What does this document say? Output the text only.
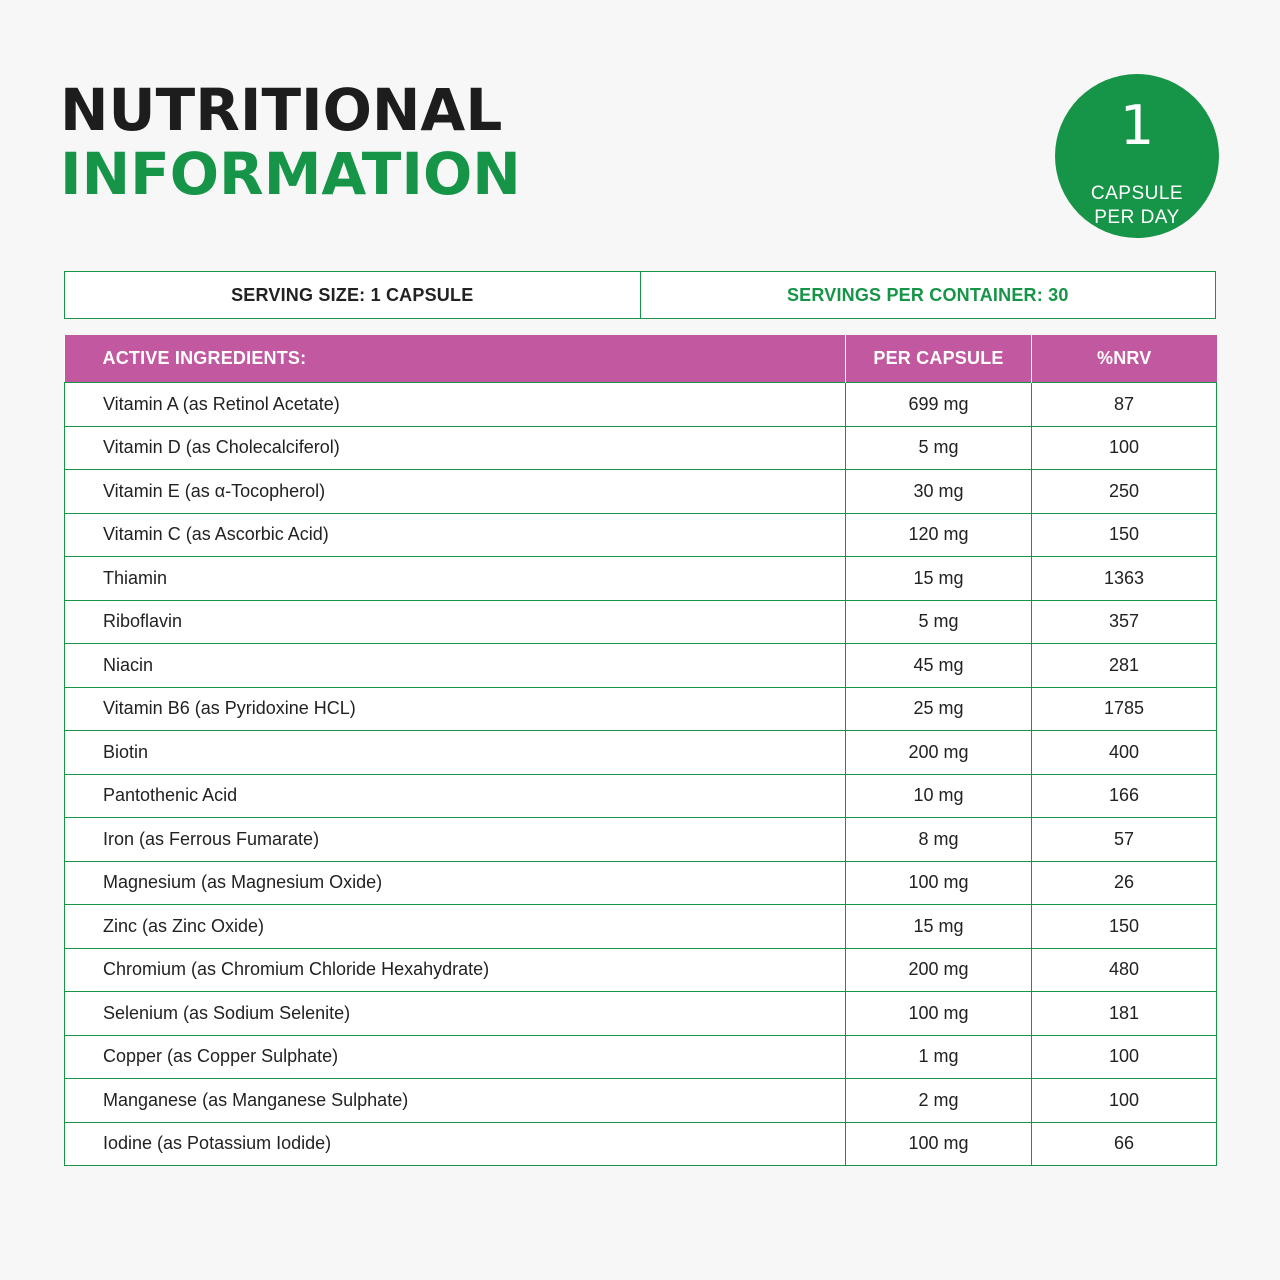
NUTRITIONAL
INFORMATION
1
CAPSULE
PER DAY
SERVING SIZE: 1 CAPSULE	SERVINGS PER CONTAINER: 30
ACTIVE INGREDIENTS:	PER CAPSULE	%NRV
Vitamin A (as Retinol Acetate)	699 mg	87
Vitamin D (as Cholecalciferol)	5 mg	100
Vitamin E (as α-Tocopherol)	30 mg	250
Vitamin C (as Ascorbic Acid)	120 mg	150
Thiamin	15 mg	1363
Riboflavin	5 mg	357
Niacin	45 mg	281
Vitamin B6 (as Pyridoxine HCL)	25 mg	1785
Biotin	200 mg	400
Pantothenic Acid	10 mg	166
Iron (as Ferrous Fumarate)	8 mg	57
Magnesium (as Magnesium Oxide)	100 mg	26
Zinc (as Zinc Oxide)	15 mg	150
Chromium (as Chromium Chloride Hexahydrate)	200 mg	480
Selenium (as Sodium Selenite)	100 mg	181
Copper (as Copper Sulphate)	1 mg	100
Manganese (as Manganese Sulphate)	2 mg	100
Iodine (as Potassium Iodide)	100 mg	66
